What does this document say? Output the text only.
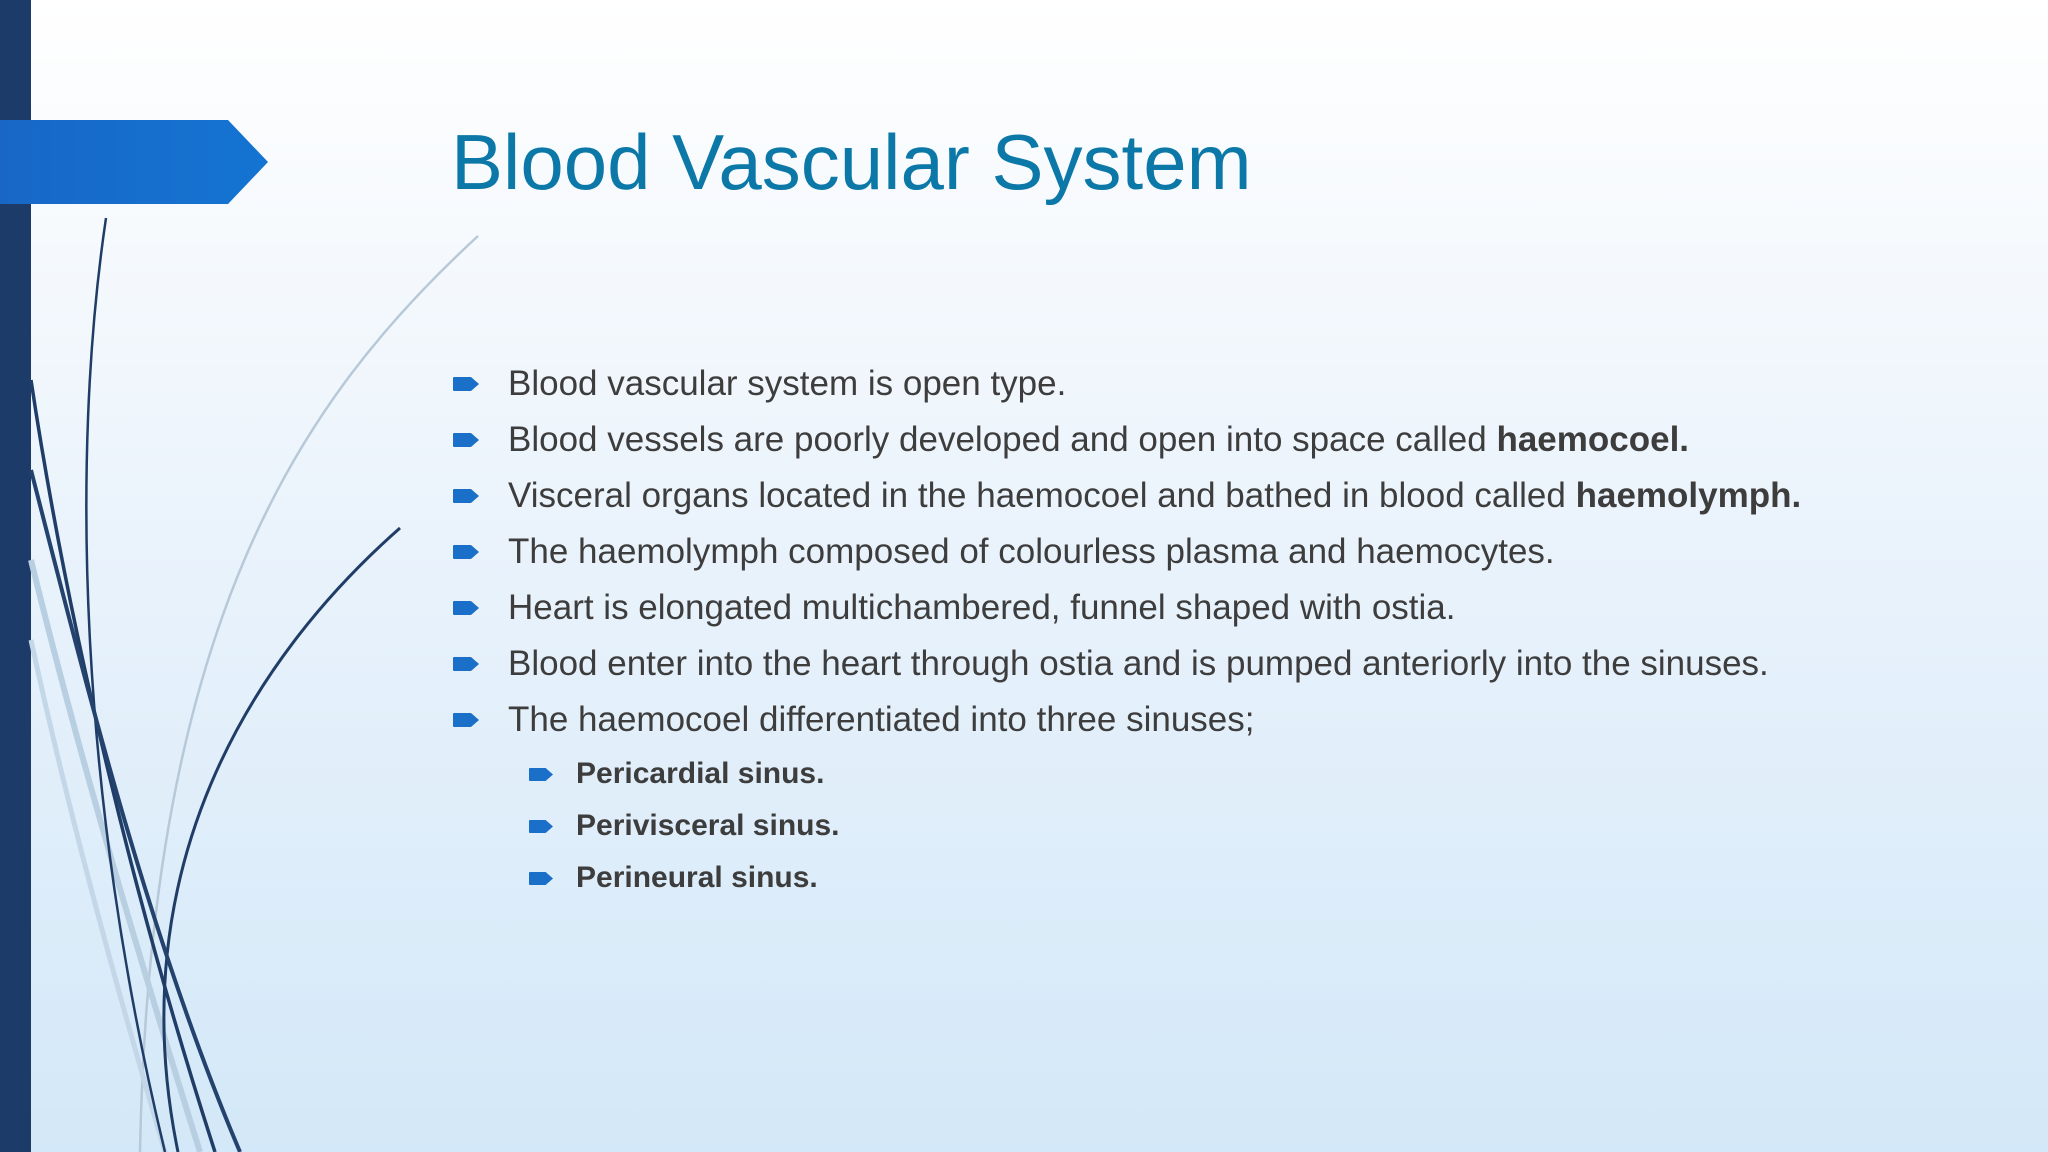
Blood Vascular System
Blood vascular system is open type.
Blood vessels are poorly developed and open into space called haemocoel.
Visceral organs located in the haemocoel and bathed in blood called haemolymph.
The haemolymph composed of colourless plasma and haemocytes.
Heart is elongated multichambered, funnel shaped with ostia.
Blood enter into the heart through ostia and is pumped anteriorly into the sinuses.
The haemocoel differentiated into three sinuses;
Pericardial sinus.
Perivisceral sinus.
Perineural sinus.
